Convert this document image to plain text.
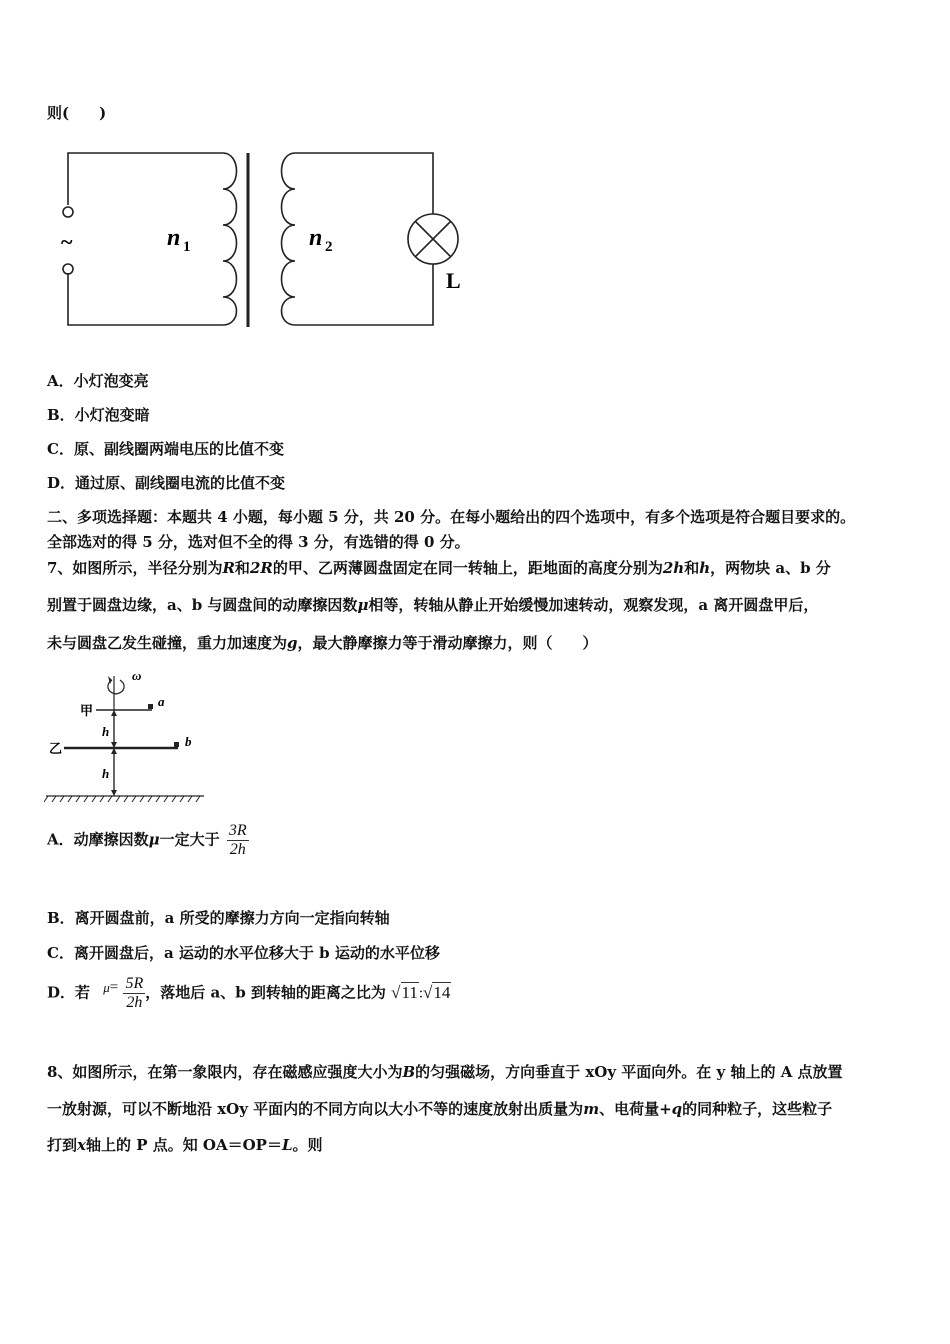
则(　　)
~	n 1	n 2
L
A．小灯泡变亮
B．小灯泡变暗
C．原、副线圈两端电压的比值不变
D．通过原、副线圈电流的比值不变
二、多项选择题：本题共 4 小题，每小题 5 分，共 20 分。在每小题给出的四个选项中，有多个选项是符合题目要求的。
全部选对的得 5 分，选对但不全的得 3 分，有选错的得 0 分。
7、如图所示，半径分别为R和2R的甲、乙两薄圆盘固定在同一转轴上，距地面的高度分别为2h和h，两物块 a、b 分
别置于圆盘边缘，a、b 与圆盘间的动摩擦因数μ相等，转轴从静止开始缓慢加速转动，观察发现，a 离开圆盘甲后，
未与圆盘乙发生碰撞，重力加速度为g，最大静摩擦力等于滑动摩擦力，则（　　）
ω
甲
乙
a
b
h
h
A．动摩擦因数μ一定大于 $\frac{3R}{2h}$
B．离开圆盘前，a 所受的摩擦力方向一定指向转轴
C．离开圆盘后，a 运动的水平位移大于 b 运动的水平位移
D．若 $\mu= \frac{5R}{2h}$ ，落地后 a、b 到转轴的距离之比为 √11:√14
8、如图所示，在第一象限内，存在磁感应强度大小为B的匀强磁场，方向垂直于 xOy 平面向外。在 y 轴上的 A 点放置
一放射源，可以不断地沿 xOy 平面内的不同方向以大小不等的速度放射出质量为m、电荷量+q的同种粒子，这些粒子
打到x轴上的 P 点。知 OA＝OP＝L。则
